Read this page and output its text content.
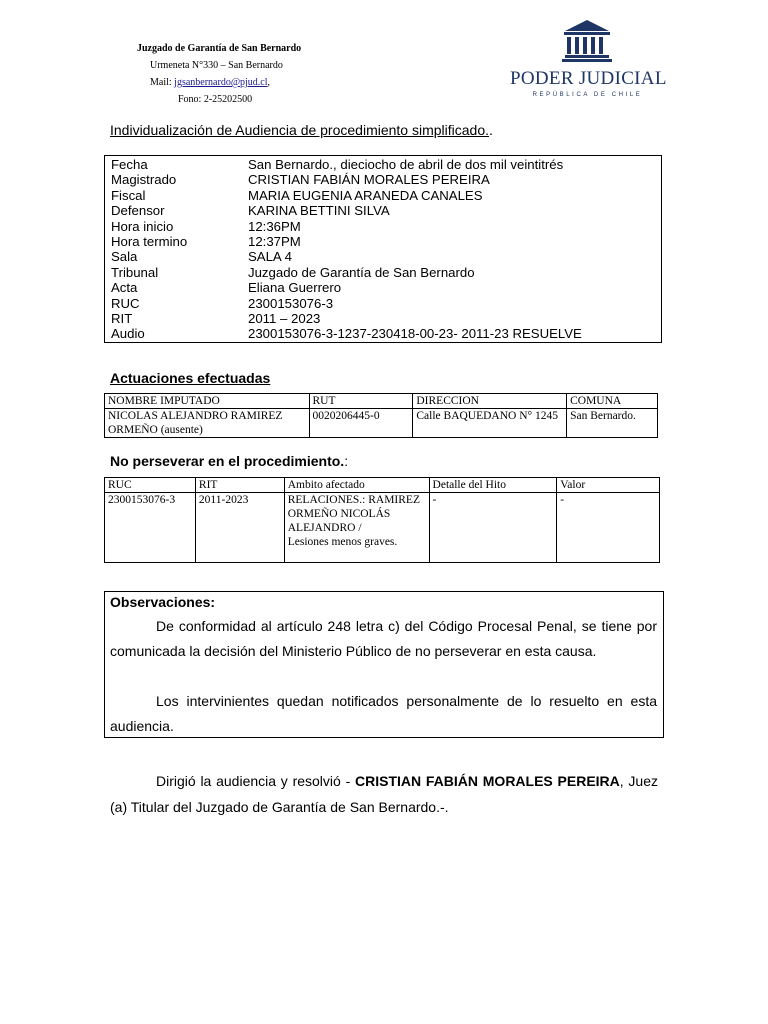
Juzgado de Garantía de San Bernardo
Urmeneta N°330 – San Bernardo
Mail: jgsanbernardo@pjud.cl,
Fono: 2-25202500
PODER JUDICIAL
REPÚBLICA DE CHILE
Individualización de Audiencia de procedimiento simplificado..
Fecha	San Bernardo., dieciocho de abril de dos mil veintitrés
Magistrado	CRISTIAN FABIÁN MORALES PEREIRA
Fiscal	MARIA EUGENIA ARANEDA CANALES
Defensor	KARINA BETTINI SILVA
Hora inicio	12:36PM
Hora termino	12:37PM
Sala	SALA 4
Tribunal	Juzgado de Garantía de San Bernardo
Acta	Eliana Guerrero
RUC	2300153076-3
RIT	2011 – 2023
Audio	2300153076-3-1237-230418-00-23- 2011-23 RESUELVE
Actuaciones efectuadas
NOMBRE IMPUTADO	RUT	DIRECCION	COMUNA
NICOLAS ALEJANDRO RAMIREZ ORMEÑO (ausente)	0020206445-0	Calle BAQUEDANO N° 1245	San Bernardo.
No perseverar en el procedimiento.:
RUC	RIT	Ambito afectado	Detalle del Hito	Valor
2300153076-3	2011-2023	RELACIONES.: RAMIREZ ORMEÑO NICOLÁS ALEJANDRO /
Lesiones menos graves.	-	-
Observaciones:
De conformidad al artículo 248 letra c) del Código Procesal Penal, se tiene por comunicada la decisión del Ministerio Público de no perseverar en esta causa.
Los intervinientes quedan notificados personalmente de lo resuelto en esta audiencia.
Dirigió la audiencia y resolvió - CRISTIAN FABIÁN MORALES PEREIRA, Juez (a) Titular del Juzgado de Garantía de San Bernardo.-.
